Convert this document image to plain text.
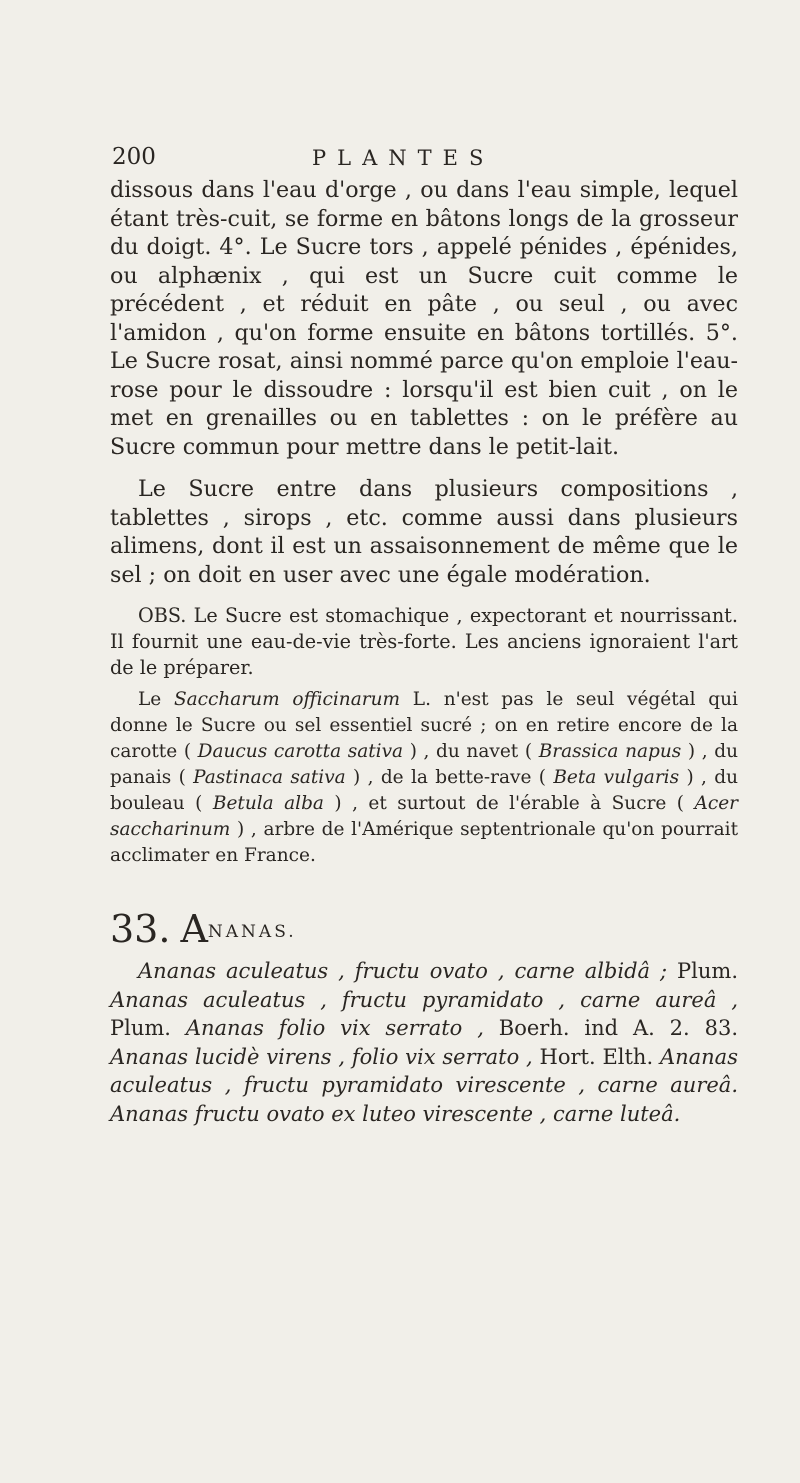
200	PLANTES

dissous dans l'eau d'orge , ou dans l'eau simple, lequel étant très-cuit, se forme en bâtons longs de la grosseur du doigt. 4°. Le Sucre tors , appelé pénides , épénides, ou alphænix , qui est un Sucre cuit comme le précédent , et réduit en pâte , ou seul , ou avec l'amidon , qu'on forme ensuite en bâtons tortillés. 5°. Le Sucre rosat, ainsi nommé parce qu'on emploie l'eau-rose pour le dissoudre : lorsqu'il est bien cuit , on le met en grenailles ou en tablettes : on le préfère au Sucre commun pour mettre dans le petit-lait.

Le Sucre entre dans plusieurs compositions , tablettes , sirops , etc. comme aussi dans plusieurs alimens, dont il est un assaisonnement de même que le sel ; on doit en user avec une égale modération.

OBS. Le Sucre est stomachique , expectorant et nourrissant. Il fournit une eau-de-vie très-forte. Les anciens ignoraient l'art de le préparer.

Le Saccharum officinarum L. n'est pas le seul végétal qui donne le Sucre ou sel essentiel sucré ; on en retire encore de la carotte ( Daucus carotta sativa ) , du navet ( Brassica napus ) , du panais ( Pastinaca sativa ) , de la bette-rave ( Beta vulgaris ) , du bouleau ( Betula alba ) , et surtout de l'érable à Sucre ( Acer saccharinum ) , arbre de l'Amérique septentrionale qu'on pourrait acclimater en France.

33. A NANAS.

Ananas aculeatus , fructu ovato , carne albidâ ; Plum. Ananas aculeatus , fructu pyramidato , carne aureâ , Plum. Ananas folio vix serrato , Boerh. ind A. 2. 83. Ananas lucidè virens , folio vix serrato , Hort. Elth. Ananas aculeatus , fructu pyramidato virescente , carne aureâ. Ananas fructu ovato ex luteo virescente , carne luteâ.
